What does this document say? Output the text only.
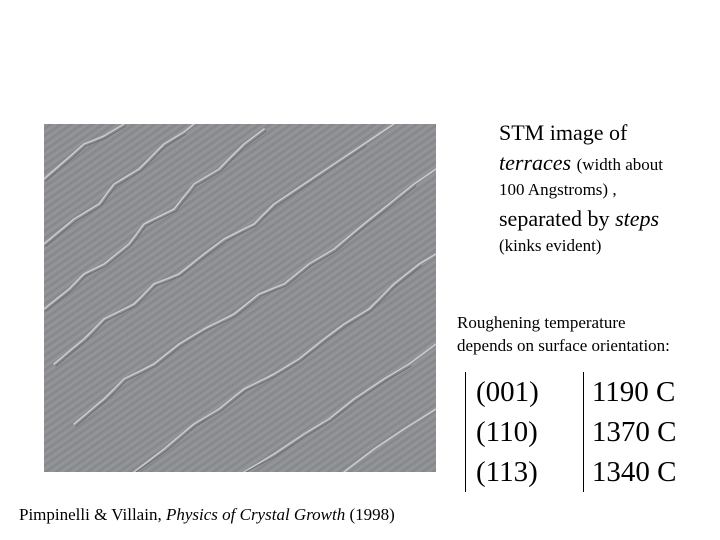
STM image of
terraces (width about
100 Angstroms) ,
separated by steps
(kinks evident)
Roughening temperature
depends on surface orientation:
(001)	1190 C
(110)	1370 C
(113)	1340 C
Pimpinelli & Villain, Physics of Crystal Growth (1998)
